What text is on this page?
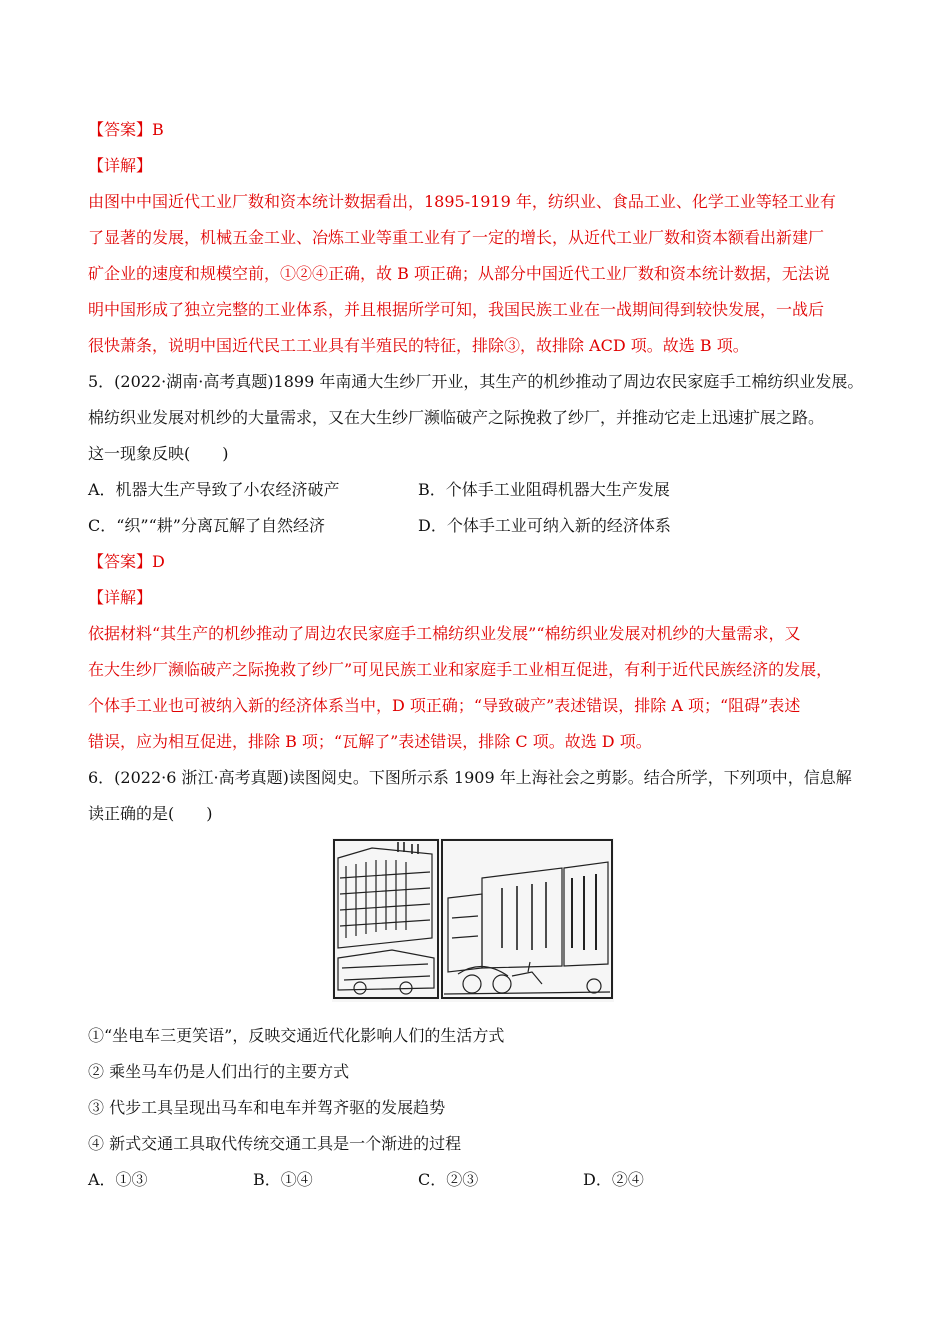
【答案】B

【详解】

由图中中国近代工业厂数和资本统计数据看出，1895-1919 年，纺织业、食品工业、化学工业等轻工业有

了显著的发展，机械五金工业、冶炼工业等重工业有了一定的增长，从近代工业厂数和资本额看出新建厂

矿企业的速度和规模空前，①②④正确，故 B 项正确；从部分中国近代工业厂数和资本统计数据，无法说

明中国形成了独立完整的工业体系，并且根据所学可知，我国民族工业在一战期间得到较快发展，一战后

很快萧条，说明中国近代民工工业具有半殖民的特征，排除③，故排除 ACD 项。故选 B 项。

5．(2022·湖南·高考真题)1899 年南通大生纱厂开业，其生产的机纱推动了周边农民家庭手工棉纺织业发展。

棉纺织业发展对机纱的大量需求，又在大生纱厂濒临破产之际挽救了纱厂，并推动它走上迅速扩展之路。

这一现象反映(　　)

A．机器大生产导致了小农经济破产	B．个体手工业阻碍机器大生产发展
C．“织”“耕”分离瓦解了自然经济	D．个体手工业可纳入新的经济体系

【答案】D

【详解】

依据材料“其生产的机纱推动了周边农民家庭手工棉纺织业发展”“棉纺织业发展对机纱的大量需求，又

在大生纱厂濒临破产之际挽救了纱厂”可见民族工业和家庭手工业相互促进，有利于近代民族经济的发展，

个体手工业也可被纳入新的经济体系当中，D 项正确；“导致破产”表述错误，排除 A 项；“阻碍”表述

错误，应为相互促进，排除 B 项；“瓦解了”表述错误，排除 C 项。故选 D 项。

6．(2022·6 浙江·高考真题)读图阅史。下图所示系 1909 年上海社会之剪影。结合所学，下列项中，信息解

读正确的是(　　)

①“坐电车三更笑语”，反映交通近代化影响人们的生活方式

② 乘坐马车仍是人们出行的主要方式

③ 代步工具呈现出马车和电车并驾齐驱的发展趋势

④ 新式交通工具取代传统交通工具是一个渐进的过程

A．①③	B．①④	C．②③	D．②④
